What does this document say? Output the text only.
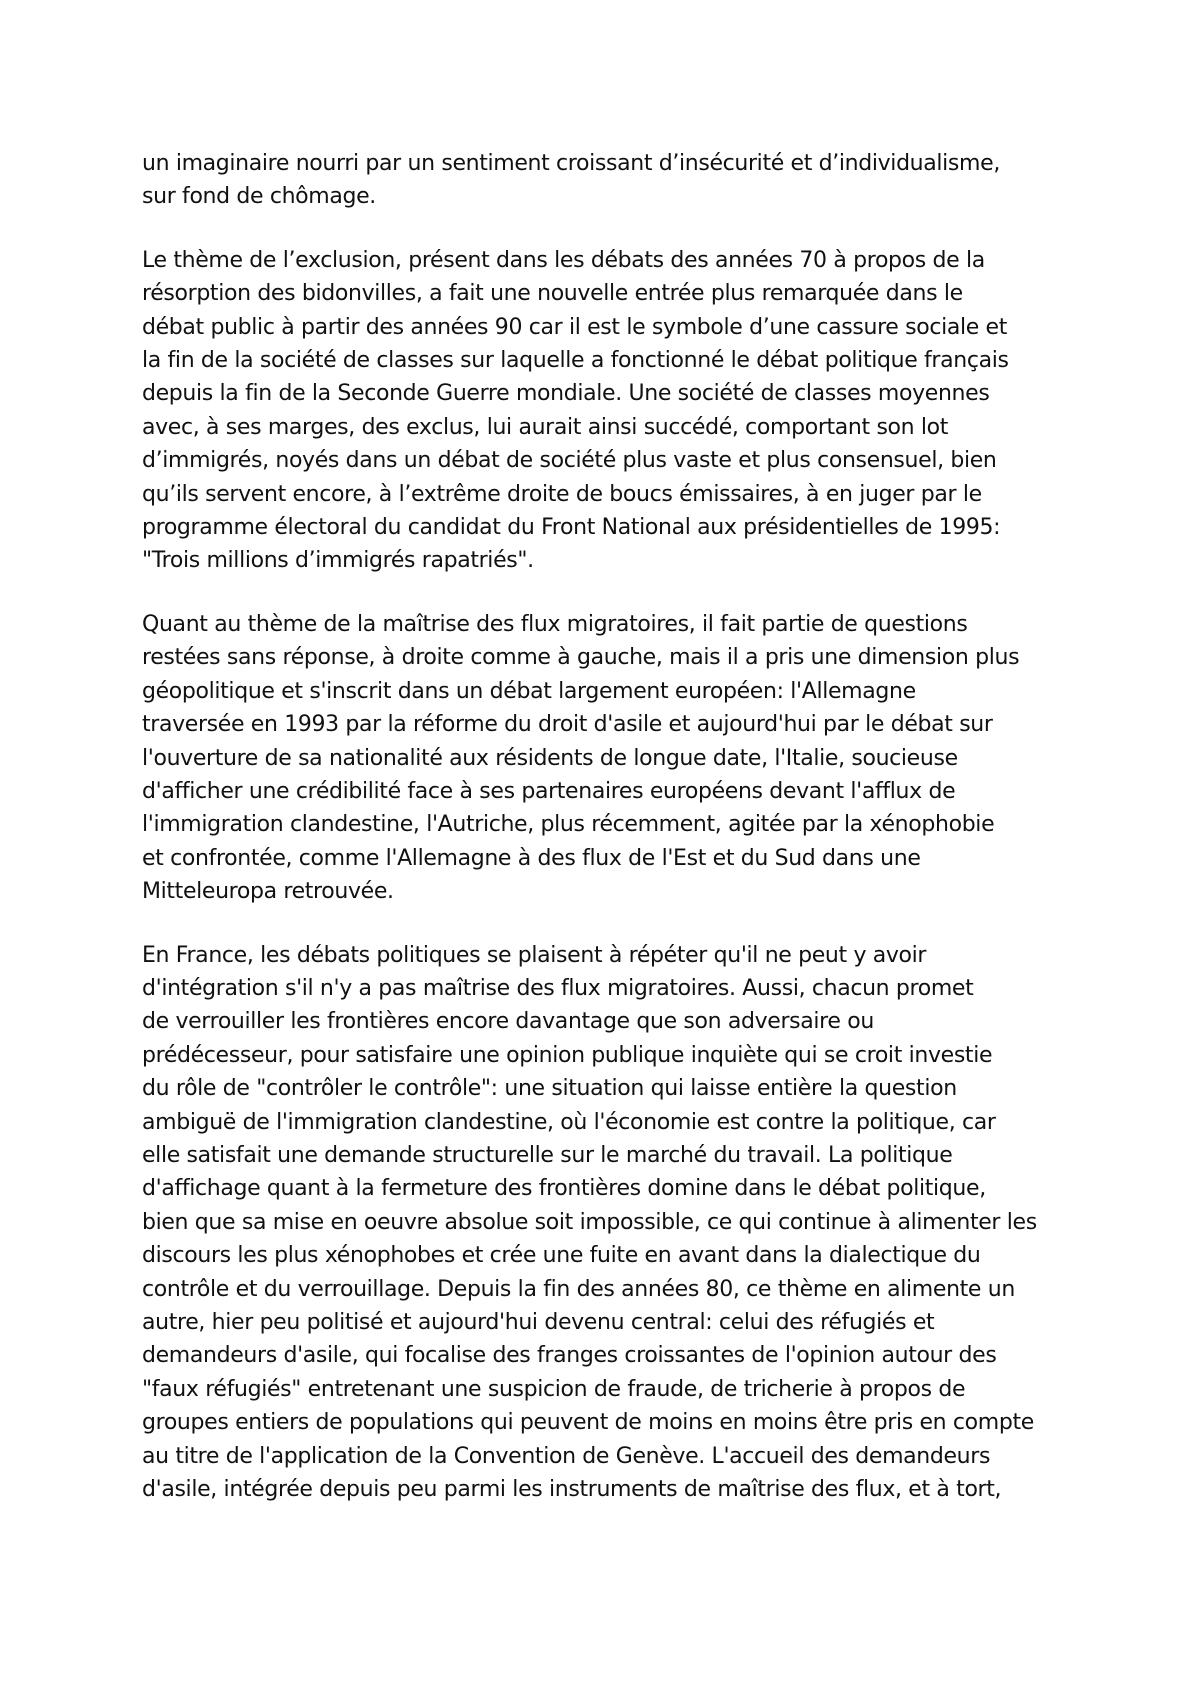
un imaginaire nourri par un sentiment croissant d’insécurité et d’individualisme,
sur fond de chômage.

Le thème de l’exclusion, présent dans les débats des années 70 à propos de la
résorption des bidonvilles, a fait une nouvelle entrée plus remarquée dans le
débat public à partir des années 90 car il est le symbole d’une cassure sociale et
la fin de la société de classes sur laquelle a fonctionné le débat politique français
depuis la fin de la Seconde Guerre mondiale. Une société de classes moyennes
avec, à ses marges, des exclus, lui aurait ainsi succédé, comportant son lot
d’immigrés, noyés dans un débat de société plus vaste et plus consensuel, bien
qu’ils servent encore, à l’extrême droite de boucs émissaires, à en juger par le
programme électoral du candidat du Front National aux présidentielles de 1995:
"Trois millions d’immigrés rapatriés".

Quant au thème de la maîtrise des flux migratoires, il fait partie de questions
restées sans réponse, à droite comme à gauche, mais il a pris une dimension plus
géopolitique et s'inscrit dans un débat largement européen: l'Allemagne
traversée en 1993 par la réforme du droit d'asile et aujourd'hui par le débat sur
l'ouverture de sa nationalité aux résidents de longue date, l'Italie, soucieuse
d'afficher une crédibilité face à ses partenaires européens devant l'afflux de
l'immigration clandestine, l'Autriche, plus récemment, agitée par la xénophobie
et confrontée, comme l'Allemagne à des flux de l'Est et du Sud dans une
Mitteleuropa retrouvée.

En France, les débats politiques se plaisent à répéter qu'il ne peut y avoir
d'intégration s'il n'y a pas maîtrise des flux migratoires. Aussi, chacun promet
de verrouiller les frontières encore davantage que son adversaire ou
prédécesseur, pour satisfaire une opinion publique inquiète qui se croit investie
du rôle de "contrôler le contrôle": une situation qui laisse entière la question
ambiguë de l'immigration clandestine, où l'économie est contre la politique, car
elle satisfait une demande structurelle sur le marché du travail. La politique
d'affichage quant à la fermeture des frontières domine dans le débat politique,
bien que sa mise en oeuvre absolue soit impossible, ce qui continue à alimenter les
discours les plus xénophobes et crée une fuite en avant dans la dialectique du
contrôle et du verrouillage. Depuis la fin des années 80, ce thème en alimente un
autre, hier peu politisé et aujourd'hui devenu central: celui des réfugiés et
demandeurs d'asile, qui focalise des franges croissantes de l'opinion autour des
"faux réfugiés" entretenant une suspicion de fraude, de tricherie à propos de
groupes entiers de populations qui peuvent de moins en moins être pris en compte
au titre de l'application de la Convention de Genève. L'accueil des demandeurs
d'asile, intégrée depuis peu parmi les instruments de maîtrise des flux, et à tort,
